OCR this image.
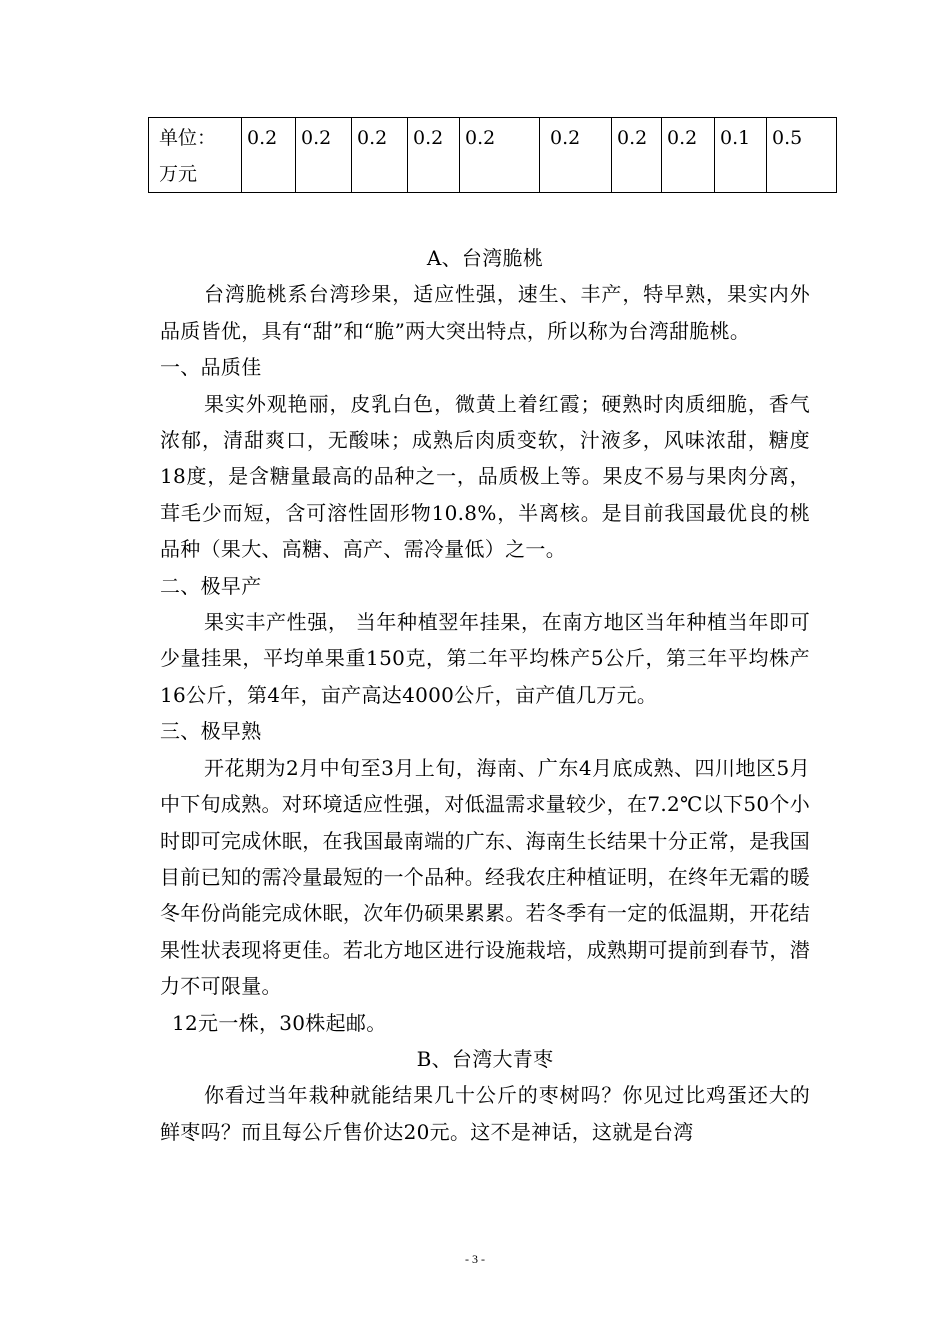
单位：
万元	0.2	0.2	0.2	0.2	0.2	0.2	0.2	0.2	0.1	0.5

A、台湾脆桃

台湾脆桃系台湾珍果，适应性强，速生、丰产，特早熟，果实内外品质皆优，具有“甜”和“脆”两大突出特点，所以称为台湾甜脆桃。

一、品质佳

果实外观艳丽，皮乳白色，微黄上着红霞；硬熟时肉质细脆，香气浓郁，清甜爽口，无酸味；成熟后肉质变软，汁液多，风味浓甜，糖度18度，是含糖量最高的品种之一，品质极上等。果皮不易与果肉分离，茸毛少而短，含可溶性固形物10.8%，半离核。是目前我国最优良的桃品种（果大、高糖、高产、需冷量低）之一。

二、极早产

果实丰产性强， 当年种植翌年挂果，在南方地区当年种植当年即可少量挂果，平均单果重150克，第二年平均株产5公斤，第三年平均株产16公斤，第4年，亩产高达4000公斤，亩产值几万元。

三、极早熟

开花期为2月中旬至3月上旬，海南、广东4月底成熟、四川地区5月中下旬成熟。对环境适应性强，对低温需求量较少，在7.2℃以下50个小时即可完成休眠，在我国最南端的广东、海南生长结果十分正常，是我国目前已知的需冷量最短的一个品种。经我农庄种植证明，在终年无霜的暖冬年份尚能完成休眠，次年仍硕果累累。若冬季有一定的低温期，开花结果性状表现将更佳。若北方地区进行设施栽培，成熟期可提前到春节，潜力不可限量。

12元一株，30株起邮。

B、台湾大青枣

你看过当年栽种就能结果几十公斤的枣树吗？你见过比鸡蛋还大的鲜枣吗？而且每公斤售价达20元。这不是神话，这就是台湾

- 3 -
